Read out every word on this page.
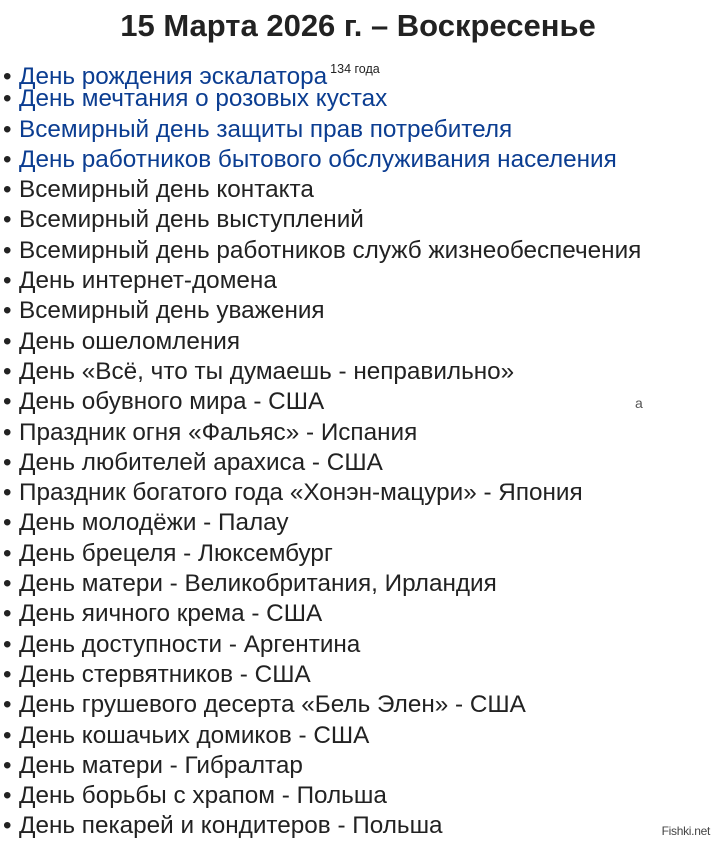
15 Марта 2026 г. – Воскресенье
• День рождения эскалатора $^{134 года}$
• День мечтания о розовых кустах
• Всемирный день защиты прав потребителя
• День работников бытового обслуживания населения
• Всемирный день контакта
• Всемирный день выступлений
• Всемирный день работников служб жизнеобеспечения
• День интернет-домена
• Всемирный день уважения
• День ошеломления
• День «Всё, что ты думаешь - неправильно»
• День обувного мира - США
• Праздник огня «Фальяс» - Испания
• День любителей арахиса - США
• Праздник богатого года «Хонэн-мацури» - Япония
• День молодёжи - Палау
• День брецеля - Люксембург
• День матери - Великобритания, Ирландия
• День яичного крема - США
• День доступности - Аргентина
• День стервятников - США
• День грушевого десерта «Бель Элен» - США
• День кошачьих домиков - США
• День матери - Гибралтар
• День борьбы с храпом - Польша
• День пекарей и кондитеров - Польша
a
Fishki.net
